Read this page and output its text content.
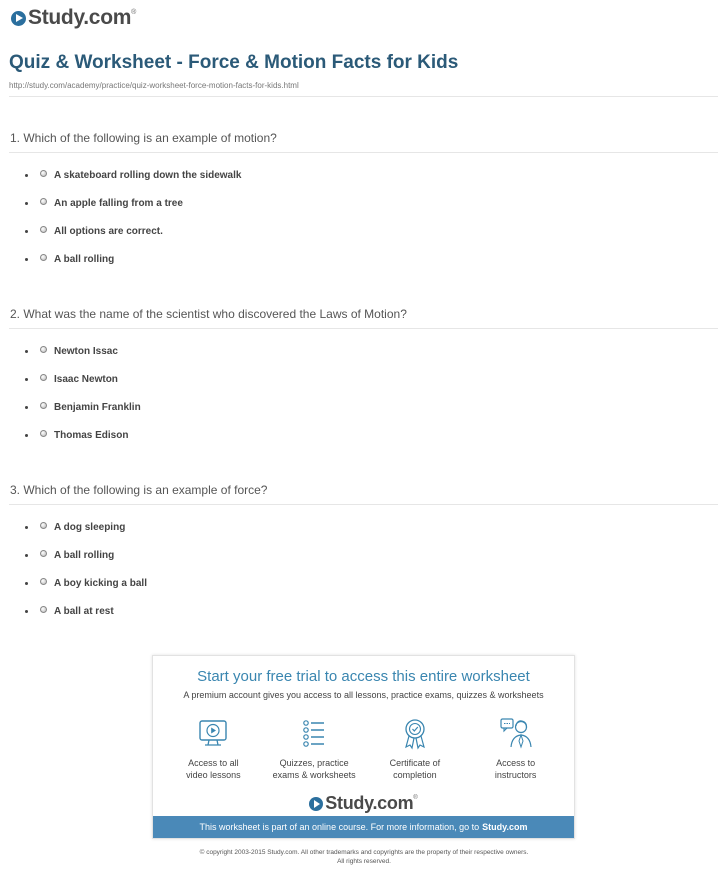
Study.com ®
Quiz & Worksheet - Force & Motion Facts for Kids
http://study.com/academy/practice/quiz-worksheet-force-motion-facts-for-kids.html
1. Which of the following is an example of motion?
A skateboard rolling down the sidewalk
An apple falling from a tree
All options are correct.
A ball rolling
2. What was the name of the scientist who discovered the Laws of Motion?
Newton Issac
Isaac Newton
Benjamin Franklin
Thomas Edison
3. Which of the following is an example of force?
A dog sleeping
A ball rolling
A boy kicking a ball
A ball at rest
Start your free trial to access this entire worksheet
A premium account gives you access to all lessons, practice exams, quizzes & worksheets
Access to all
video lessons
Quizzes, practice
exams & worksheets
Certificate of
completion
Access to
instructors
Study.com ®
This worksheet is part of an online course. For more information, go to Study.com
© copyright 2003-2015 Study.com. All other trademarks and copyrights are the property of their respective owners.
All rights reserved.
